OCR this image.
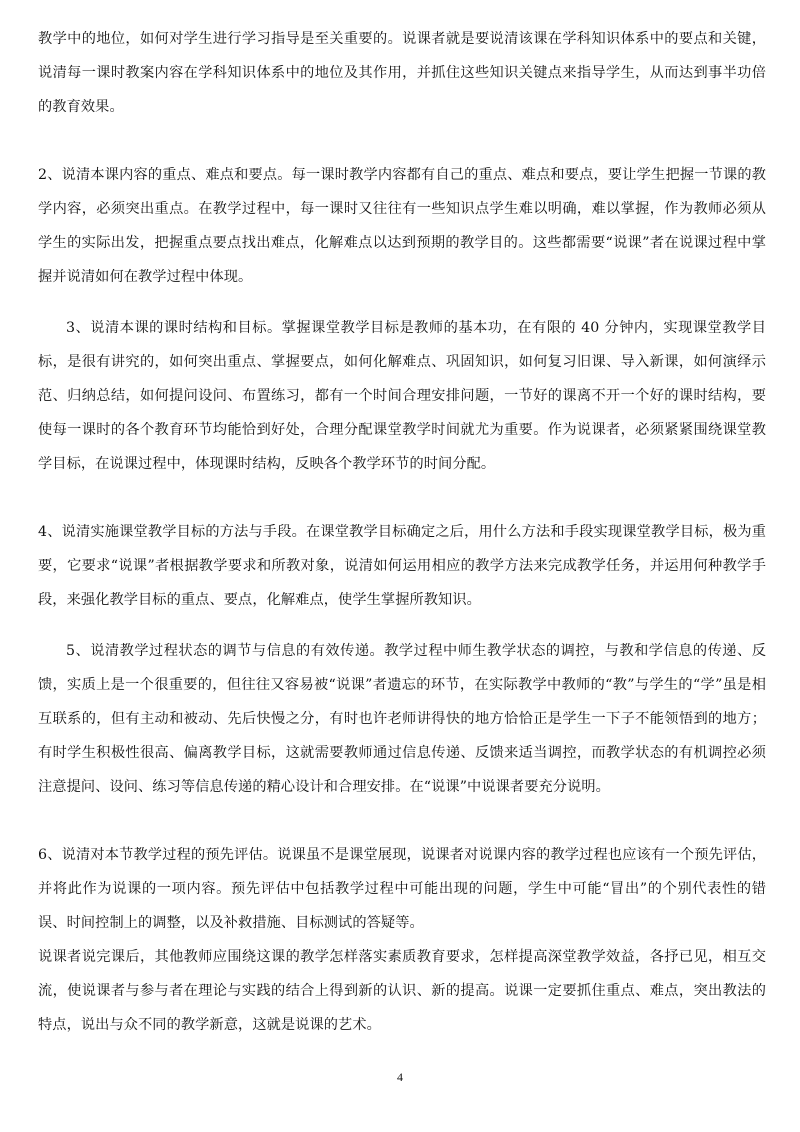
教学中的地位，如何对学生进行学习指导是至关重要的。说课者就是要说清该课在学科知识体系中的要点和关键，说清每一课时教案内容在学科知识体系中的地位及其作用，并抓住这些知识关键点来指导学生，从而达到事半功倍的教育效果。

2、说清本课内容的重点、难点和要点。每一课时教学内容都有自己的重点、难点和要点，要让学生把握一节课的教学内容，必须突出重点。在教学过程中，每一课时又往往有一些知识点学生难以明确，难以掌握，作为教师必须从学生的实际出发，把握重点要点找出难点，化解难点以达到预期的教学目的。这些都需要“说课”者在说课过程中掌握并说清如何在教学过程中体现。

3、说清本课的课时结构和目标。掌握课堂教学目标是教师的基本功，在有限的 40 分钟内，实现课堂教学目标，是很有讲究的，如何突出重点、掌握要点，如何化解难点、巩固知识，如何复习旧课、导入新课，如何演绎示范、归纳总结，如何提问设问、布置练习，都有一个时间合理安排问题，一节好的课离不开一个好的课时结构，要使每一课时的各个教育环节均能恰到好处，合理分配课堂教学时间就尤为重要。作为说课者，必须紧紧围绕课堂教学目标，在说课过程中，体现课时结构，反映各个教学环节的时间分配。

4、说清实施课堂教学目标的方法与手段。在课堂教学目标确定之后，用什么方法和手段实现课堂教学目标，极为重要，它要求“说课”者根据教学要求和所教对象，说清如何运用相应的教学方法来完成教学任务，并运用何种教学手段，来强化教学目标的重点、要点，化解难点，使学生掌握所教知识。

5、说清教学过程状态的调节与信息的有效传递。教学过程中师生教学状态的调控，与教和学信息的传递、反馈，实质上是一个很重要的，但往往又容易被“说课”者遗忘的环节，在实际教学中教师的“教”与学生的“学”虽是相互联系的，但有主动和被动、先后快慢之分，有时也许老师讲得快的地方恰恰正是学生一下子不能领悟到的地方；有时学生积极性很高、偏离教学目标，这就需要教师通过信息传递、反馈来适当调控，而教学状态的有机调控必须注意提问、设问、练习等信息传递的精心设计和合理安排。在“说课”中说课者要充分说明。

6、说清对本节教学过程的预先评估。说课虽不是课堂展现，说课者对说课内容的教学过程也应该有一个预先评估，并将此作为说课的一项内容。预先评估中包括教学过程中可能出现的问题，学生中可能“冒出”的个别代表性的错误、时间控制上的调整，以及补救措施、目标测试的答疑等。

说课者说完课后，其他教师应围绕这课的教学怎样落实素质教育要求，怎样提高深堂教学效益，各抒已见，相互交流，使说课者与参与者在理论与实践的结合上得到新的认识、新的提高。说课一定要抓住重点、难点，突出教法的特点，说出与众不同的教学新意，这就是说课的艺术。

4
